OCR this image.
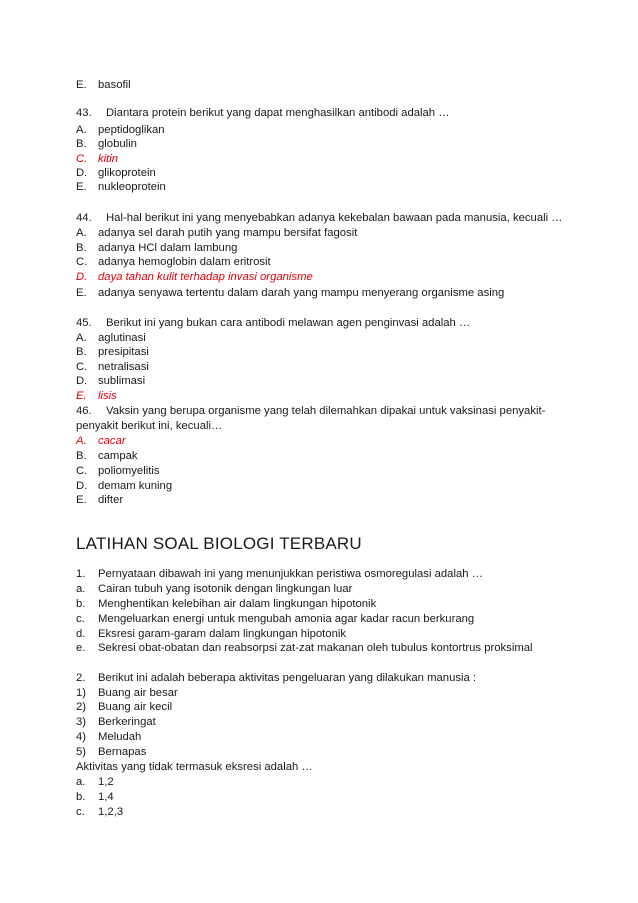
E. basofil
43. Diantara protein berikut yang dapat menghasilkan antibodi adalah …
A. peptidoglikan
B. globulin
C. kitin
D. glikoprotein
E. nukleoprotein
44. Hal-hal berikut ini yang menyebabkan adanya kekebalan bawaan pada manusia, kecuali …
A. adanya sel darah putih yang mampu bersifat fagosit
B. adanya HCl dalam lambung
C. adanya hemoglobin dalam eritrosit
D. daya tahan kulit terhadap invasi organisme
E. adanya senyawa tertentu dalam darah yang mampu menyerang organisme asing
45. Berikut ini yang bukan cara antibodi melawan agen penginvasi adalah …
A. aglutinasi
B. presipitasi
C. netralisasi
D. sublimasi
E. lisis
46. Vaksin yang berupa organisme yang telah dilemahkan dipakai untuk vaksinasi penyakit-
penyakit berikut ini, kecuali…
A. cacar
B. campak
C. poliomyelitis
D. demam kuning
E. difter
LATIHAN SOAL BIOLOGI TERBARU
1. Pernyataan dibawah ini yang menunjukkan peristiwa osmoregulasi adalah …
a. Cairan tubuh yang isotonik dengan lingkungan luar
b. Menghentikan kelebihan air dalam lingkungan hipotonik
c. Mengeluarkan energi untuk mengubah amonia agar kadar racun berkurang
d. Eksresi garam-garam dalam lingkungan hipotonik
e. Sekresi obat-obatan dan reabsorpsi zat-zat makanan oleh tubulus kontortrus proksimal
2. Berikut ini adalah beberapa aktivitas pengeluaran yang dilakukan manusia :
1) Buang air besar
2) Buang air kecil
3) Berkeringat
4) Meludah
5) Bernapas
Aktivitas yang tidak termasuk eksresi adalah …
a. 1,2
b. 1,4
c. 1,2,3
